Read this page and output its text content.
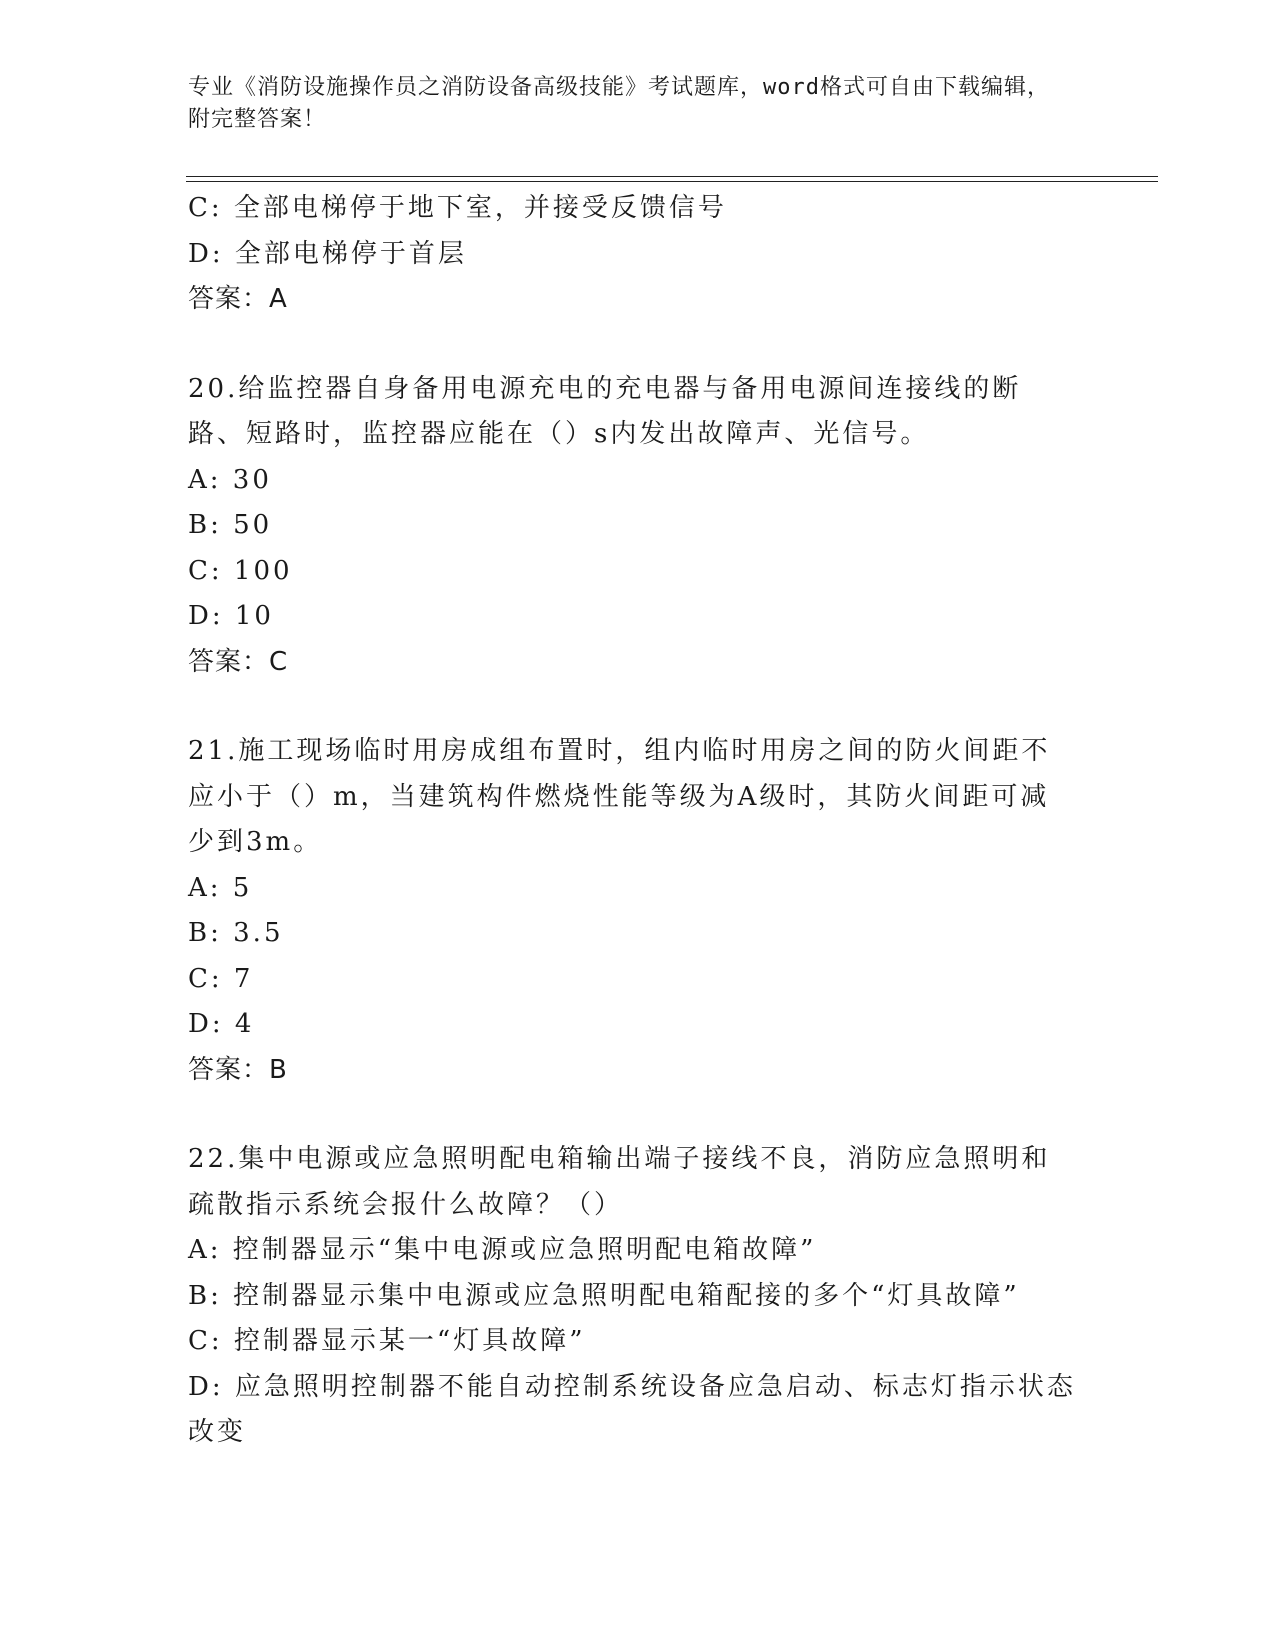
专业《消防设施操作员之消防设备高级技能》考试题库，word格式可自由下载编辑，附完整答案！
C: 全部电梯停于地下室，并接受反馈信号
D: 全部电梯停于首层
答案：A
20.给监控器自身备用电源充电的充电器与备用电源间连接线的断路、短路时，监控器应能在（）s内发出故障声、光信号。
A: 30
B: 50
C: 100
D: 10
答案：C
21.施工现场临时用房成组布置时，组内临时用房之间的防火间距不应小于（）m，当建筑构件燃烧性能等级为A级时，其防火间距可减少到3m。
A: 5
B: 3.5
C: 7
D: 4
答案：B
22.集中电源或应急照明配电箱输出端子接线不良，消防应急照明和疏散指示系统会报什么故障？（）
A: 控制器显示“集中电源或应急照明配电箱故障”
B: 控制器显示集中电源或应急照明配电箱配接的多个“灯具故障”
C: 控制器显示某一“灯具故障”
D: 应急照明控制器不能自动控制系统设备应急启动、标志灯指示状态改变
